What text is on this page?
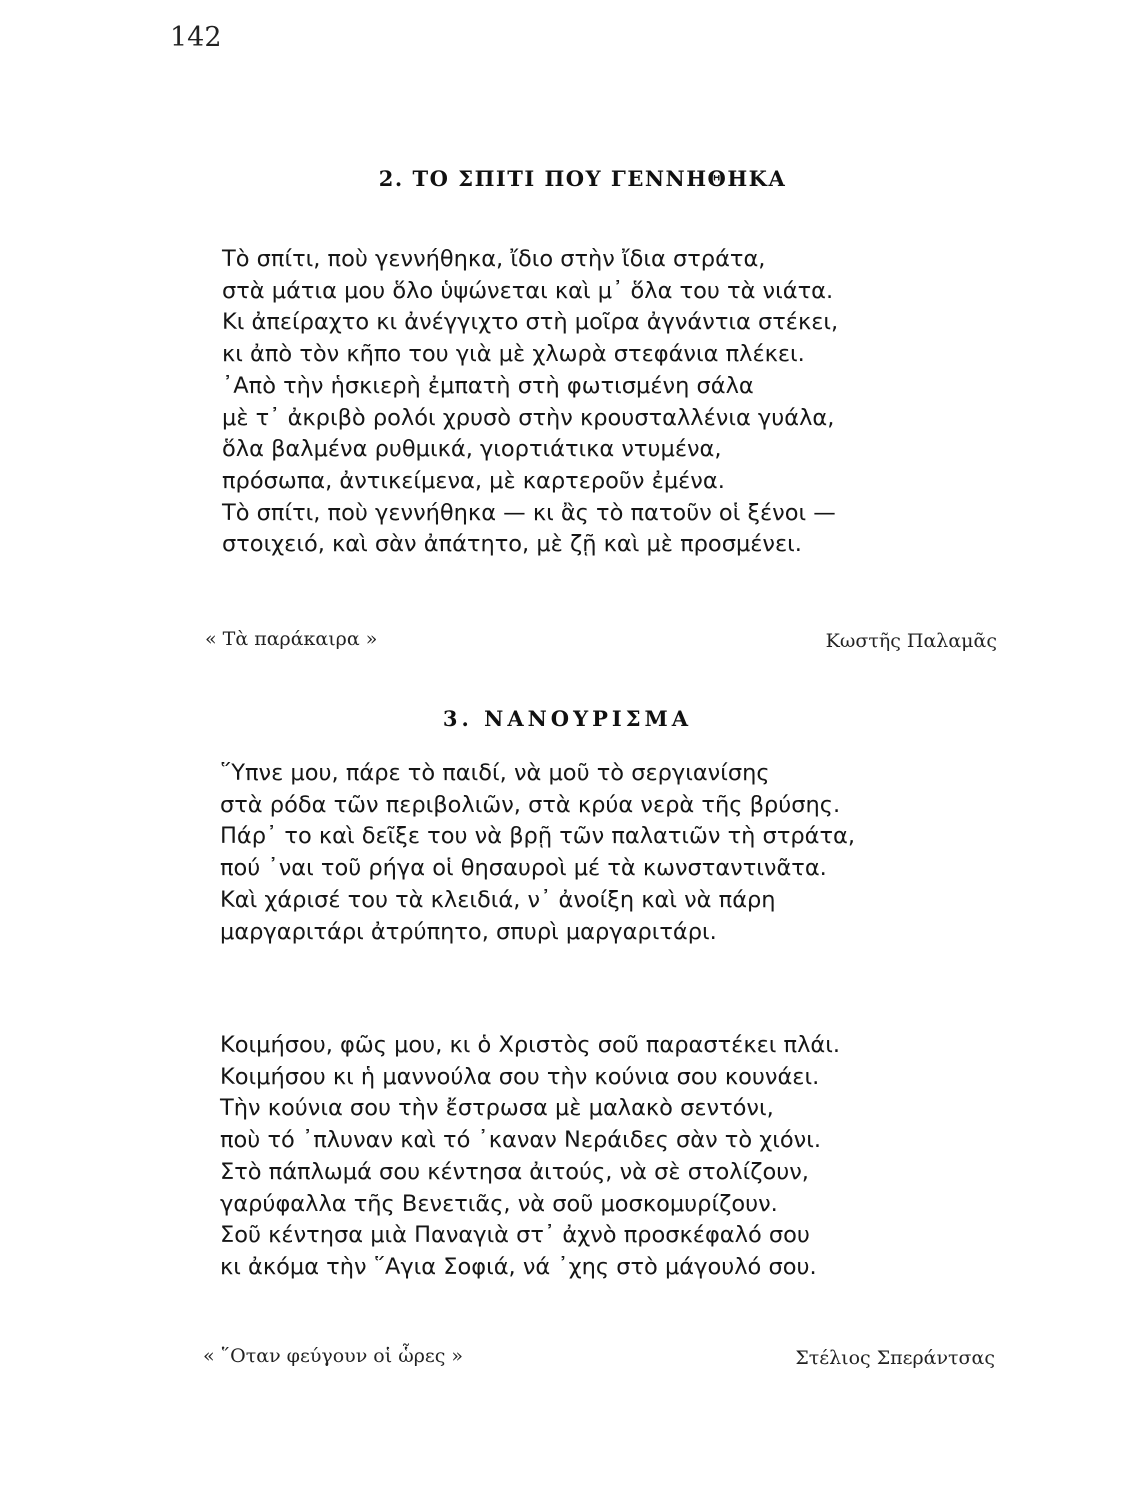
142
2. ΤΟ ΣΠΙΤΙ ΠΟΥ ΓΕΝΝΗΘΗΚΑ
Τὸ σπίτι, ποὺ γεννήθηκα, ἴδιο στὴν ἴδια στράτα,
στὰ μάτια μου ὅλο ὑψώνεται καὶ μ᾽ ὅλα του τὰ νιάτα.
Κι ἀπείραχτο κι ἀνέγγιχτο στὴ μοῖρα ἀγνάντια στέκει,
κι ἀπὸ τὸν κῆπο του γιὰ μὲ χλωρὰ στεφάνια πλέκει.
᾽Απὸ τὴν ἡσκιερὴ ἐμπατὴ στὴ φωτισμένη σάλα
μὲ τ᾽ ἀκριβὸ ρολόι χρυσὸ στὴν κρουσταλλένια γυάλα,
ὅλα βαλμένα ρυθμικά, γιορτιάτικα ντυμένα,
πρόσωπα, ἀντικείμενα, μὲ καρτεροῦν ἐμένα.
Τὸ σπίτι, ποὺ γεννήθηκα — κι ἂς τὸ πατοῦν οἱ ξένοι —
στοιχειό, καὶ σὰν ἀπάτητο, μὲ ζῇ καὶ μὲ προσμένει.
« Τὰ παράκαιρα »	Κωστῆς Παλαμᾶς
3. ΝΑΝΟΥΡΙΣΜΑ
῞Υπνε μου, πάρε τὸ παιδί, νὰ μοῦ τὸ σεργιανίσης
στὰ ρόδα τῶν περιβολιῶν, στὰ κρύα νερὰ τῆς βρύσης.
Πάρ᾽ το καὶ δεῖξε του νὰ βρῇ τῶν παλατιῶν τὴ στράτα,
πού ᾽ναι τοῦ ρήγα οἱ θησαυροὶ μέ τὰ κωνσταντινᾶτα.
Καὶ χάρισέ του τὰ κλειδιά, ν᾽ ἀνοίξη καὶ νὰ πάρη
μαργαριτάρι ἀτρύπητο, σπυρὶ μαργαριτάρι.
Κοιμήσου, φῶς μου, κι ὁ Χριστὸς σοῦ παραστέκει πλάι.
Κοιμήσου κι ἡ μαννούλα σου τὴν κούνια σου κουνάει.
Τὴν κούνια σου τὴν ἔστρωσα μὲ μαλακὸ σεντόνι,
ποὺ τό ᾽πλυναν καὶ τό ᾽καναν Νεράιδες σὰν τὸ χιόνι.
Στὸ πάπλωμά σου κέντησα ἀιτούς, νὰ σὲ στολίζουν,
γαρύφαλλα τῆς Βενετιᾶς, νὰ σοῦ μοσκομυρίζουν.
Σοῦ κέντησα μιὰ Παναγιὰ στ᾽ ἀχνὸ προσκέφαλό σου
κι ἀκόμα τὴν ῞Αγια Σοφιά, νά ᾽χης στὸ μάγουλό σου.
« ῞Οταν φεύγουν οἱ ὧρες »	Στέλιος Σπεράντσας
